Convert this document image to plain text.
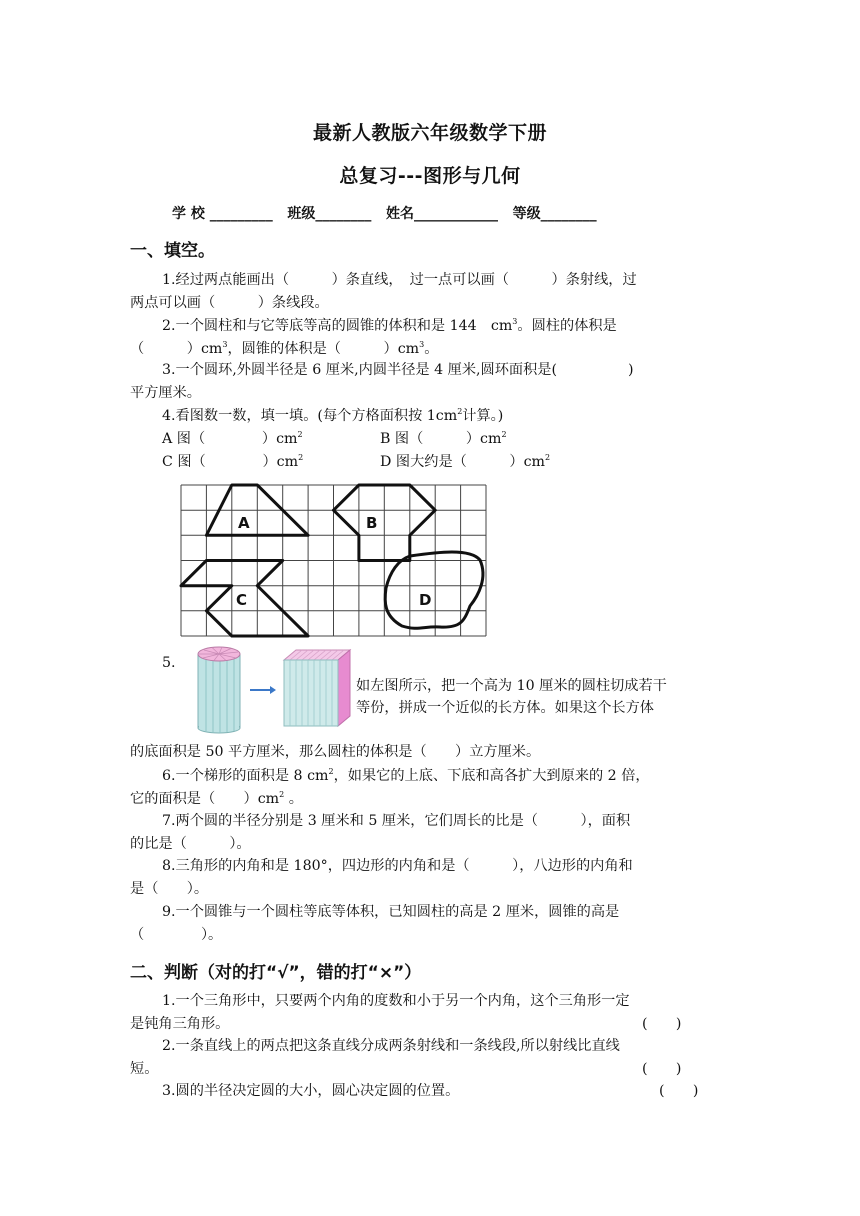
最新人教版六年级数学下册
总复习---图形与几何
学 校 _________   班级________   姓名____________   等级________
一、填空。
1.经过两点能画出（　　　）条直线，　过一点可以画（　　　）条射线，过
两点可以画（　　　）条线段。
2.一个圆柱和与它等底等高的圆锥的体积和是 144　$cm^3$。圆柱的体积是
（　　　）$cm^3$，圆锥的体积是（　　　）$cm^3$。
3.一个圆环,外圆半径是 6 厘米,内圆半径是 4 厘米,圆环面积是(　　　　　)
平方厘米。
4.看图数一数，填一填。(每个方格面积按 $1cm^2$计算。)
A 图（　　　　）$cm^2$	B 图（　　　）$cm^2$
C 图（　　　　）$cm^2$	D 图大约是（　　　）$cm^2$
A	B
C	D
5.
如左图所示，把一个高为 10 厘米的圆柱切成若干
等份，拼成一个近似的长方体。如果这个长方体
的底面积是 50 平方厘米，那么圆柱的体积是（　　）立方厘米。
6.一个梯形的面积是 8 $cm^2$，如果它的上底、下底和高各扩大到原来的 2 倍，
它的面积是（　　）$cm^2$ 。
7.两个圆的半径分别是 3 厘米和 5 厘米，它们周长的比是（　　　），面积
的比是（　　　）。
8.三角形的内角和是 180°，四边形的内角和是（　　　），八边形的内角和
是（　　）。
9.一个圆锥与一个圆柱等底等体积，已知圆柱的高是 2 厘米，圆锥的高是
（　　　　）。
二、判断（对的打“√”，错的打“×”）
1.一个三角形中，只要两个内角的度数和小于另一个内角，这个三角形一定
是钝角三角形。	(　　)
2.一条直线上的两点把这条直线分成两条射线和一条线段,所以射线比直线
短。	(　　)
3.圆的半径决定圆的大小，圆心决定圆的位置。	(　　)
